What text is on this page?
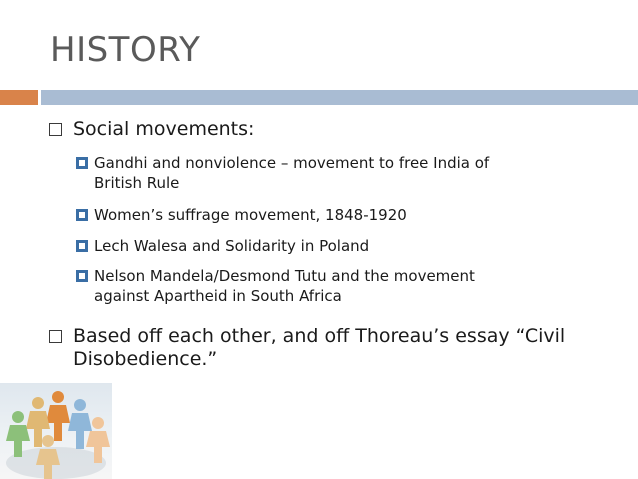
HISTORY
Social movements:
Gandhi and nonviolence – movement to free India of
British Rule
Women’s suffrage movement, 1848-1920
Lech Walesa and Solidarity in Poland
Nelson Mandela/Desmond Tutu and the movement
against Apartheid in South Africa
Based off each other, and off Thoreau’s essay “Civil
Disobedience.”
